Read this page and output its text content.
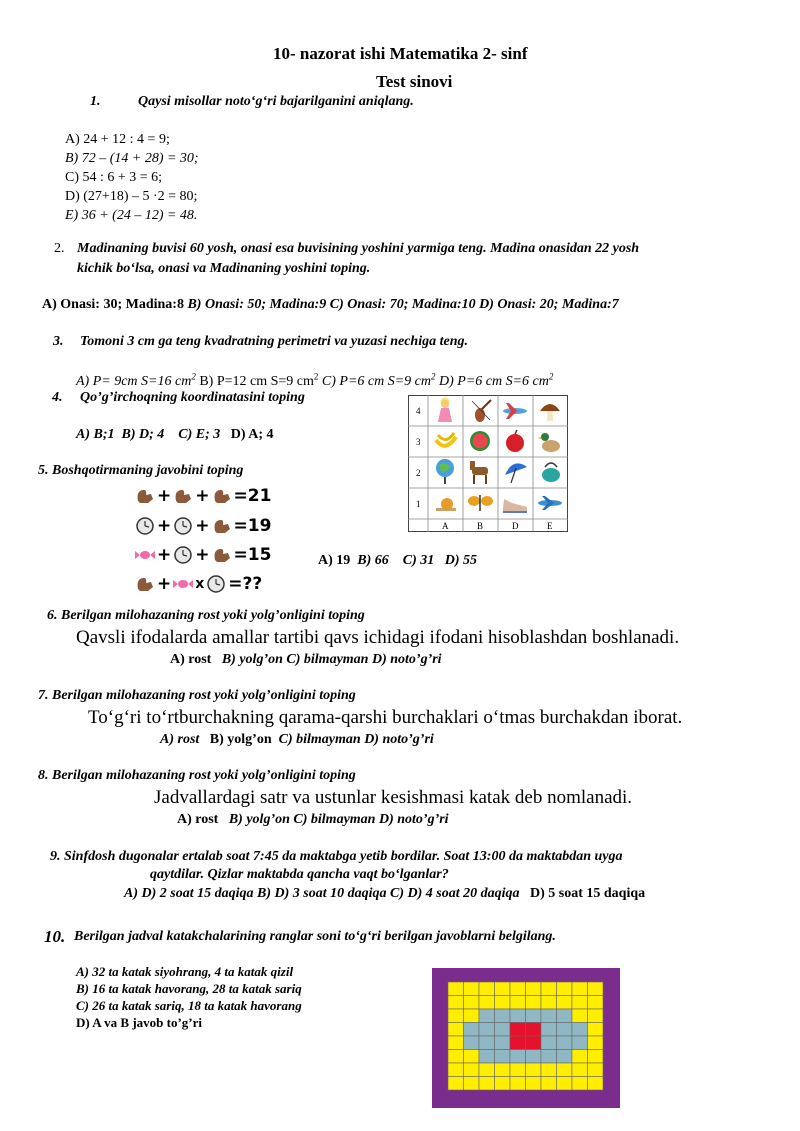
10- nazorat ishi Matematika 2- sinf
Test sinovi
1.	Qaysi misollar noto‘g‘ri bajarilganini aniqlang.
A) 24 + 12 : 4 = 9;
B) 72 – (14 + 28) = 30;
C) 54 : 6 + 3 = 6;
D) (27+18) – 5 ·2 = 80;
E) 36 + (24 – 12) = 48.
2. Madinaning buvisi 60 yosh, onasi esa buvisining yoshini yarmiga teng. Madina onasidan 22 yosh
kichik bo‘lsa, onasi va Madinaning yoshini toping.
A) Onasi: 30; Madina:8 B) Onasi: 50; Madina:9 C) Onasi: 70; Madina:10 D) Onasi: 20; Madina:7
3. Tomoni 3 cm ga teng kvadratning perimetri va yuzasi nechiga teng.
A) P= 9cm S=16 $cm^2$ B) P=12 cm S=9 $cm^2$ C) P=6 cm S=9 $cm^2$ D) P=6 cm S=6 $cm^2$
4. Qo’g’irchoqning koordinatasini toping
A) B;1 B) D; 4 C) E; 3 D) A; 4
4
3
2
1
A	B	D	E
5. Boshqotirmaning javobini toping
+ + =21
+ + =19
+ + =15
+ x =??
A) 19 B) 66 C) 31 D) 55
6. Berilgan milohazaning rost yoki yolg’onligini toping
Qavsli ifodalarda amallar tartibi qavs ichidagi ifodani hisoblashdan boshlanadi.
A) rost B) yolg’on C) bilmayman D) noto’g’ri
7. Berilgan milohazaning rost yoki yolg’onligini toping
To‘g‘ri to‘rtburchakning qarama-qarshi burchaklari o‘tmas burchakdan iborat.
A) rost B) yolg’on C) bilmayman D) noto’g’ri
8. Berilgan milohazaning rost yoki yolg’onligini toping
Jadvallardagi satr va ustunlar kesishmasi katak deb nomlanadi.
A) rost B) yolg’on C) bilmayman D) noto’g’ri
9. Sinfdosh dugonalar ertalab soat 7:45 da maktabga yetib bordilar. Soat 13:00 da maktabdan uyga
qaytdilar. Qizlar maktabda qancha vaqt bo‘lganlar?
A) D) 2 soat 15 daqiqa B) D) 3 soat 10 daqiqa C) D) 4 soat 20 daqiqa D) 5 soat 15 daqiqa
10. Berilgan jadval katakchalarining ranglar soni to‘g‘ri berilgan javoblarni belgilang.
A) 32 ta katak siyohrang, 4 ta katak qizil
B) 16 ta katak havorang, 28 ta katak sariq
C) 26 ta katak sariq, 18 ta katak havorang
D) A va B javob to’g’ri
